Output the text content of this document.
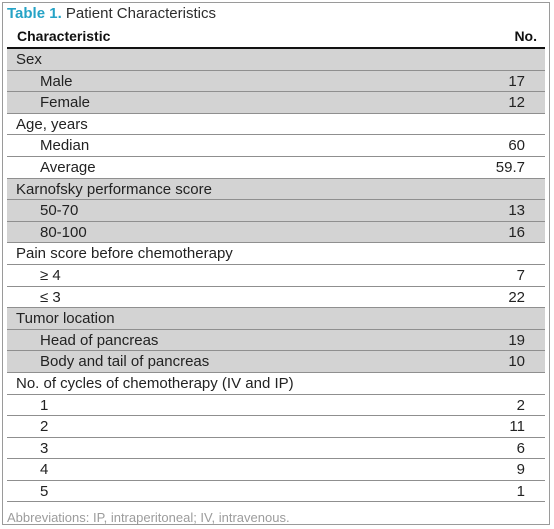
Table 1. Patient Characteristics
Characteristic	No.
Sex
Male	17
Female	12
Age, years
Median	60
Average	59.7
Karnofsky performance score
50-70	13
80-100	16
Pain score before chemotherapy
≥ 4	7
≤ 3	22
Tumor location
Head of pancreas	19
Body and tail of pancreas	10
No. of cycles of chemotherapy (IV and IP)
1	2
2	11
3	6
4	9
5	1
Abbreviations: IP, intraperitoneal; IV, intravenous.
